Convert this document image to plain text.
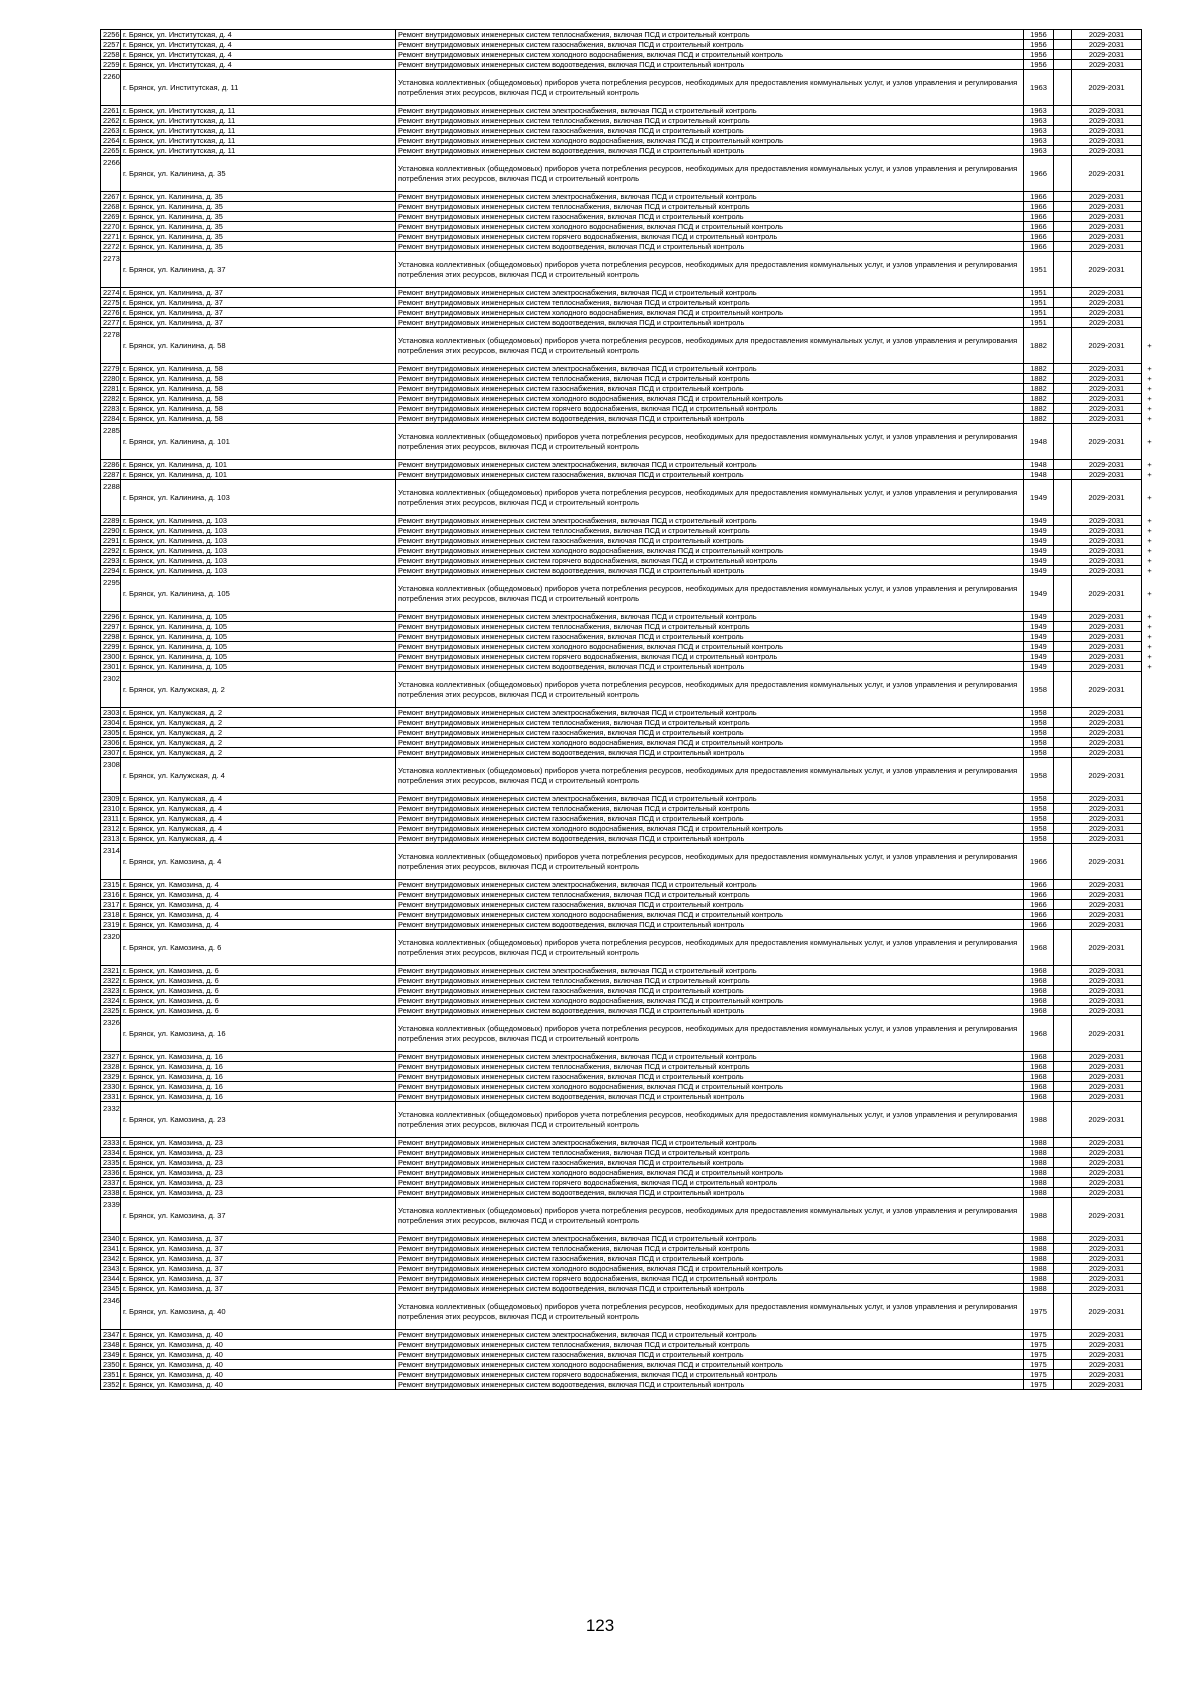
2256	г. Брянск, ул. Институтская, д. 4	Ремонт внутридомовых инженерных систем теплоснабжения, включая ПСД и строительный контроль	1956		2029-2031	
2257	г. Брянск, ул. Институтская, д. 4	Ремонт внутридомовых инженерных систем газоснабжения, включая ПСД и строительный контроль	1956		2029-2031	
2258	г. Брянск, ул. Институтская, д. 4	Ремонт внутридомовых инженерных систем холодного водоснабжения, включая ПСД и строительный контроль	1956		2029-2031	
2259	г. Брянск, ул. Институтская, д. 4	Ремонт внутридомовых инженерных систем водоотведения, включая ПСД и строительный контроль	1956		2029-2031	
2260	г. Брянск, ул. Институтская, д. 11	Установка коллективных (общедомовых) приборов учета потребления ресурсов, необходимых для предоставления коммунальных услуг, и узлов управления и регулирования потребления этих ресурсов, включая ПСД и строительный контроль	1963		2029-2031	
2261	г. Брянск, ул. Институтская, д. 11	Ремонт внутридомовых инженерных систем электроснабжения, включая ПСД и строительный контроль	1963		2029-2031	
2262	г. Брянск, ул. Институтская, д. 11	Ремонт внутридомовых инженерных систем теплоснабжения, включая ПСД и строительный контроль	1963		2029-2031	
2263	г. Брянск, ул. Институтская, д. 11	Ремонт внутридомовых инженерных систем газоснабжения, включая ПСД и строительный контроль	1963		2029-2031	
2264	г. Брянск, ул. Институтская, д. 11	Ремонт внутридомовых инженерных систем холодного водоснабжения, включая ПСД и строительный контроль	1963		2029-2031	
2265	г. Брянск, ул. Институтская, д. 11	Ремонт внутридомовых инженерных систем водоотведения, включая ПСД и строительный контроль	1963		2029-2031	
2266	г. Брянск, ул. Калинина, д. 35	Установка коллективных (общедомовых) приборов учета потребления ресурсов, необходимых для предоставления коммунальных услуг, и узлов управления и регулирования потребления этих ресурсов, включая ПСД и строительный контроль	1966		2029-2031	
2267	г. Брянск, ул. Калинина, д. 35	Ремонт внутридомовых инженерных систем электроснабжения, включая ПСД и строительный контроль	1966		2029-2031	
2268	г. Брянск, ул. Калинина, д. 35	Ремонт внутридомовых инженерных систем теплоснабжения, включая ПСД и строительный контроль	1966		2029-2031	
2269	г. Брянск, ул. Калинина, д. 35	Ремонт внутридомовых инженерных систем газоснабжения, включая ПСД и строительный контроль	1966		2029-2031	
2270	г. Брянск, ул. Калинина, д. 35	Ремонт внутридомовых инженерных систем холодного водоснабжения, включая ПСД и строительный контроль	1966		2029-2031	
2271	г. Брянск, ул. Калинина, д. 35	Ремонт внутридомовых инженерных систем горячего водоснабжения, включая ПСД и строительный контроль	1966		2029-2031	
2272	г. Брянск, ул. Калинина, д. 35	Ремонт внутридомовых инженерных систем водоотведения, включая ПСД и строительный контроль	1966		2029-2031	
2273	г. Брянск, ул. Калинина, д. 37	Установка коллективных (общедомовых) приборов учета потребления ресурсов, необходимых для предоставления коммунальных услуг, и узлов управления и регулирования потребления этих ресурсов, включая ПСД и строительный контроль	1951		2029-2031	
2274	г. Брянск, ул. Калинина, д. 37	Ремонт внутридомовых инженерных систем электроснабжения, включая ПСД и строительный контроль	1951		2029-2031	
2275	г. Брянск, ул. Калинина, д. 37	Ремонт внутридомовых инженерных систем теплоснабжения, включая ПСД и строительный контроль	1951		2029-2031	
2276	г. Брянск, ул. Калинина, д. 37	Ремонт внутридомовых инженерных систем холодного водоснабжения, включая ПСД и строительный контроль	1951		2029-2031	
2277	г. Брянск, ул. Калинина, д. 37	Ремонт внутридомовых инженерных систем водоотведения, включая ПСД и строительный контроль	1951		2029-2031	
2278	г. Брянск, ул. Калинина, д. 58	Установка коллективных (общедомовых) приборов учета потребления ресурсов, необходимых для предоставления коммунальных услуг, и узлов управления и регулирования потребления этих ресурсов, включая ПСД и строительный контроль	1882		2029-2031	+
2279	г. Брянск, ул. Калинина, д. 58	Ремонт внутридомовых инженерных систем электроснабжения, включая ПСД и строительный контроль	1882		2029-2031	+
2280	г. Брянск, ул. Калинина, д. 58	Ремонт внутридомовых инженерных систем теплоснабжения, включая ПСД и строительный контроль	1882		2029-2031	+
2281	г. Брянск, ул. Калинина, д. 58	Ремонт внутридомовых инженерных систем газоснабжения, включая ПСД и строительный контроль	1882		2029-2031	+
2282	г. Брянск, ул. Калинина, д. 58	Ремонт внутридомовых инженерных систем холодного водоснабжения, включая ПСД и строительный контроль	1882		2029-2031	+
2283	г. Брянск, ул. Калинина, д. 58	Ремонт внутридомовых инженерных систем горячего водоснабжения, включая ПСД и строительный контроль	1882		2029-2031	+
2284	г. Брянск, ул. Калинина, д. 58	Ремонт внутридомовых инженерных систем водоотведения, включая ПСД и строительный контроль	1882		2029-2031	+
2285	г. Брянск, ул. Калинина, д. 101	Установка коллективных (общедомовых) приборов учета потребления ресурсов, необходимых для предоставления коммунальных услуг, и узлов управления и регулирования потребления этих ресурсов, включая ПСД и строительный контроль	1948		2029-2031	+
2286	г. Брянск, ул. Калинина, д. 101	Ремонт внутридомовых инженерных систем электроснабжения, включая ПСД и строительный контроль	1948		2029-2031	+
2287	г. Брянск, ул. Калинина, д. 101	Ремонт внутридомовых инженерных систем газоснабжения, включая ПСД и строительный контроль	1948		2029-2031	+
2288	г. Брянск, ул. Калинина, д. 103	Установка коллективных (общедомовых) приборов учета потребления ресурсов, необходимых для предоставления коммунальных услуг, и узлов управления и регулирования потребления этих ресурсов, включая ПСД и строительный контроль	1949		2029-2031	+
2289	г. Брянск, ул. Калинина, д. 103	Ремонт внутридомовых инженерных систем электроснабжения, включая ПСД и строительный контроль	1949		2029-2031	+
2290	г. Брянск, ул. Калинина, д. 103	Ремонт внутридомовых инженерных систем теплоснабжения, включая ПСД и строительный контроль	1949		2029-2031	+
2291	г. Брянск, ул. Калинина, д. 103	Ремонт внутридомовых инженерных систем газоснабжения, включая ПСД и строительный контроль	1949		2029-2031	+
2292	г. Брянск, ул. Калинина, д. 103	Ремонт внутридомовых инженерных систем холодного водоснабжения, включая ПСД и строительный контроль	1949		2029-2031	+
2293	г. Брянск, ул. Калинина, д. 103	Ремонт внутридомовых инженерных систем горячего водоснабжения, включая ПСД и строительный контроль	1949		2029-2031	+
2294	г. Брянск, ул. Калинина, д. 103	Ремонт внутридомовых инженерных систем водоотведения, включая ПСД и строительный контроль	1949		2029-2031	+
2295	г. Брянск, ул. Калинина, д. 105	Установка коллективных (общедомовых) приборов учета потребления ресурсов, необходимых для предоставления коммунальных услуг, и узлов управления и регулирования потребления этих ресурсов, включая ПСД и строительный контроль	1949		2029-2031	+
2296	г. Брянск, ул. Калинина, д. 105	Ремонт внутридомовых инженерных систем электроснабжения, включая ПСД и строительный контроль	1949		2029-2031	+
2297	г. Брянск, ул. Калинина, д. 105	Ремонт внутридомовых инженерных систем теплоснабжения, включая ПСД и строительный контроль	1949		2029-2031	+
2298	г. Брянск, ул. Калинина, д. 105	Ремонт внутридомовых инженерных систем газоснабжения, включая ПСД и строительный контроль	1949		2029-2031	+
2299	г. Брянск, ул. Калинина, д. 105	Ремонт внутридомовых инженерных систем холодного водоснабжения, включая ПСД и строительный контроль	1949		2029-2031	+
2300	г. Брянск, ул. Калинина, д. 105	Ремонт внутридомовых инженерных систем горячего водоснабжения, включая ПСД и строительный контроль	1949		2029-2031	+
2301	г. Брянск, ул. Калинина, д. 105	Ремонт внутридомовых инженерных систем водоотведения, включая ПСД и строительный контроль	1949		2029-2031	+
2302	г. Брянск, ул. Калужская, д. 2	Установка коллективных (общедомовых) приборов учета потребления ресурсов, необходимых для предоставления коммунальных услуг, и узлов управления и регулирования потребления этих ресурсов, включая ПСД и строительный контроль	1958		2029-2031	
2303	г. Брянск, ул. Калужская, д. 2	Ремонт внутридомовых инженерных систем электроснабжения, включая ПСД и строительный контроль	1958		2029-2031	
2304	г. Брянск, ул. Калужская, д. 2	Ремонт внутридомовых инженерных систем теплоснабжения, включая ПСД и строительный контроль	1958		2029-2031	
2305	г. Брянск, ул. Калужская, д. 2	Ремонт внутридомовых инженерных систем газоснабжения, включая ПСД и строительный контроль	1958		2029-2031	
2306	г. Брянск, ул. Калужская, д. 2	Ремонт внутридомовых инженерных систем холодного водоснабжения, включая ПСД и строительный контроль	1958		2029-2031	
2307	г. Брянск, ул. Калужская, д. 2	Ремонт внутридомовых инженерных систем водоотведения, включая ПСД и строительный контроль	1958		2029-2031	
2308	г. Брянск, ул. Калужская, д. 4	Установка коллективных (общедомовых) приборов учета потребления ресурсов, необходимых для предоставления коммунальных услуг, и узлов управления и регулирования потребления этих ресурсов, включая ПСД и строительный контроль	1958		2029-2031	
2309	г. Брянск, ул. Калужская, д. 4	Ремонт внутридомовых инженерных систем электроснабжения, включая ПСД и строительный контроль	1958		2029-2031	
2310	г. Брянск, ул. Калужская, д. 4	Ремонт внутридомовых инженерных систем теплоснабжения, включая ПСД и строительный контроль	1958		2029-2031	
2311	г. Брянск, ул. Калужская, д. 4	Ремонт внутридомовых инженерных систем газоснабжения, включая ПСД и строительный контроль	1958		2029-2031	
2312	г. Брянск, ул. Калужская, д. 4	Ремонт внутридомовых инженерных систем холодного водоснабжения, включая ПСД и строительный контроль	1958		2029-2031	
2313	г. Брянск, ул. Калужская, д. 4	Ремонт внутридомовых инженерных систем водоотведения, включая ПСД и строительный контроль	1958		2029-2031	
2314	г. Брянск, ул. Камозина, д. 4	Установка коллективных (общедомовых) приборов учета потребления ресурсов, необходимых для предоставления коммунальных услуг, и узлов управления и регулирования потребления этих ресурсов, включая ПСД и строительный контроль	1966		2029-2031	
2315	г. Брянск, ул. Камозина, д. 4	Ремонт внутридомовых инженерных систем электроснабжения, включая ПСД и строительный контроль	1966		2029-2031	
2316	г. Брянск, ул. Камозина, д. 4	Ремонт внутридомовых инженерных систем теплоснабжения, включая ПСД и строительный контроль	1966		2029-2031	
2317	г. Брянск, ул. Камозина, д. 4	Ремонт внутридомовых инженерных систем газоснабжения, включая ПСД и строительный контроль	1966		2029-2031	
2318	г. Брянск, ул. Камозина, д. 4	Ремонт внутридомовых инженерных систем холодного водоснабжения, включая ПСД и строительный контроль	1966		2029-2031	
2319	г. Брянск, ул. Камозина, д. 4	Ремонт внутридомовых инженерных систем водоотведения, включая ПСД и строительный контроль	1966		2029-2031	
2320	г. Брянск, ул. Камозина, д. 6	Установка коллективных (общедомовых) приборов учета потребления ресурсов, необходимых для предоставления коммунальных услуг, и узлов управления и регулирования потребления этих ресурсов, включая ПСД и строительный контроль	1968		2029-2031	
2321	г. Брянск, ул. Камозина, д. 6	Ремонт внутридомовых инженерных систем электроснабжения, включая ПСД и строительный контроль	1968		2029-2031	
2322	г. Брянск, ул. Камозина, д. 6	Ремонт внутридомовых инженерных систем теплоснабжения, включая ПСД и строительный контроль	1968		2029-2031	
2323	г. Брянск, ул. Камозина, д. 6	Ремонт внутридомовых инженерных систем газоснабжения, включая ПСД и строительный контроль	1968		2029-2031	
2324	г. Брянск, ул. Камозина, д. 6	Ремонт внутридомовых инженерных систем холодного водоснабжения, включая ПСД и строительный контроль	1968		2029-2031	
2325	г. Брянск, ул. Камозина, д. 6	Ремонт внутридомовых инженерных систем водоотведения, включая ПСД и строительный контроль	1968		2029-2031	
2326	г. Брянск, ул. Камозина, д. 16	Установка коллективных (общедомовых) приборов учета потребления ресурсов, необходимых для предоставления коммунальных услуг, и узлов управления и регулирования потребления этих ресурсов, включая ПСД и строительный контроль	1968		2029-2031	
2327	г. Брянск, ул. Камозина, д. 16	Ремонт внутридомовых инженерных систем электроснабжения, включая ПСД и строительный контроль	1968		2029-2031	
2328	г. Брянск, ул. Камозина, д. 16	Ремонт внутридомовых инженерных систем теплоснабжения, включая ПСД и строительный контроль	1968		2029-2031	
2329	г. Брянск, ул. Камозина, д. 16	Ремонт внутридомовых инженерных систем газоснабжения, включая ПСД и строительный контроль	1968		2029-2031	
2330	г. Брянск, ул. Камозина, д. 16	Ремонт внутридомовых инженерных систем холодного водоснабжения, включая ПСД и строительный контроль	1968		2029-2031	
2331	г. Брянск, ул. Камозина, д. 16	Ремонт внутридомовых инженерных систем водоотведения, включая ПСД и строительный контроль	1968		2029-2031	
2332	г. Брянск, ул. Камозина, д. 23	Установка коллективных (общедомовых) приборов учета потребления ресурсов, необходимых для предоставления коммунальных услуг, и узлов управления и регулирования потребления этих ресурсов, включая ПСД и строительный контроль	1988		2029-2031	
2333	г. Брянск, ул. Камозина, д. 23	Ремонт внутридомовых инженерных систем электроснабжения, включая ПСД и строительный контроль	1988		2029-2031	
2334	г. Брянск, ул. Камозина, д. 23	Ремонт внутридомовых инженерных систем теплоснабжения, включая ПСД и строительный контроль	1988		2029-2031	
2335	г. Брянск, ул. Камозина, д. 23	Ремонт внутридомовых инженерных систем газоснабжения, включая ПСД и строительный контроль	1988		2029-2031	
2336	г. Брянск, ул. Камозина, д. 23	Ремонт внутридомовых инженерных систем холодного водоснабжения, включая ПСД и строительный контроль	1988		2029-2031	
2337	г. Брянск, ул. Камозина, д. 23	Ремонт внутридомовых инженерных систем горячего водоснабжения, включая ПСД и строительный контроль	1988		2029-2031	
2338	г. Брянск, ул. Камозина, д. 23	Ремонт внутридомовых инженерных систем водоотведения, включая ПСД и строительный контроль	1988		2029-2031	
2339	г. Брянск, ул. Камозина, д. 37	Установка коллективных (общедомовых) приборов учета потребления ресурсов, необходимых для предоставления коммунальных услуг, и узлов управления и регулирования потребления этих ресурсов, включая ПСД и строительный контроль	1988		2029-2031	
2340	г. Брянск, ул. Камозина, д. 37	Ремонт внутридомовых инженерных систем электроснабжения, включая ПСД и строительный контроль	1988		2029-2031	
2341	г. Брянск, ул. Камозина, д. 37	Ремонт внутридомовых инженерных систем теплоснабжения, включая ПСД и строительный контроль	1988		2029-2031	
2342	г. Брянск, ул. Камозина, д. 37	Ремонт внутридомовых инженерных систем газоснабжения, включая ПСД и строительный контроль	1988		2029-2031	
2343	г. Брянск, ул. Камозина, д. 37	Ремонт внутридомовых инженерных систем холодного водоснабжения, включая ПСД и строительный контроль	1988		2029-2031	
2344	г. Брянск, ул. Камозина, д. 37	Ремонт внутридомовых инженерных систем горячего водоснабжения, включая ПСД и строительный контроль	1988		2029-2031	
2345	г. Брянск, ул. Камозина, д. 37	Ремонт внутридомовых инженерных систем водоотведения, включая ПСД и строительный контроль	1988		2029-2031	
2346	г. Брянск, ул. Камозина, д. 40	Установка коллективных (общедомовых) приборов учета потребления ресурсов, необходимых для предоставления коммунальных услуг, и узлов управления и регулирования потребления этих ресурсов, включая ПСД и строительный контроль	1975		2029-2031	
2347	г. Брянск, ул. Камозина, д. 40	Ремонт внутридомовых инженерных систем электроснабжения, включая ПСД и строительный контроль	1975		2029-2031	
2348	г. Брянск, ул. Камозина, д. 40	Ремонт внутридомовых инженерных систем теплоснабжения, включая ПСД и строительный контроль	1975		2029-2031	
2349	г. Брянск, ул. Камозина, д. 40	Ремонт внутридомовых инженерных систем газоснабжения, включая ПСД и строительный контроль	1975		2029-2031	
2350	г. Брянск, ул. Камозина, д. 40	Ремонт внутридомовых инженерных систем холодного водоснабжения, включая ПСД и строительный контроль	1975		2029-2031	
2351	г. Брянск, ул. Камозина, д. 40	Ремонт внутридомовых инженерных систем горячего водоснабжения, включая ПСД и строительный контроль	1975		2029-2031	
2352	г. Брянск, ул. Камозина, д. 40	Ремонт внутридомовых инженерных систем водоотведения, включая ПСД и строительный контроль	1975		2029-2031	
123
